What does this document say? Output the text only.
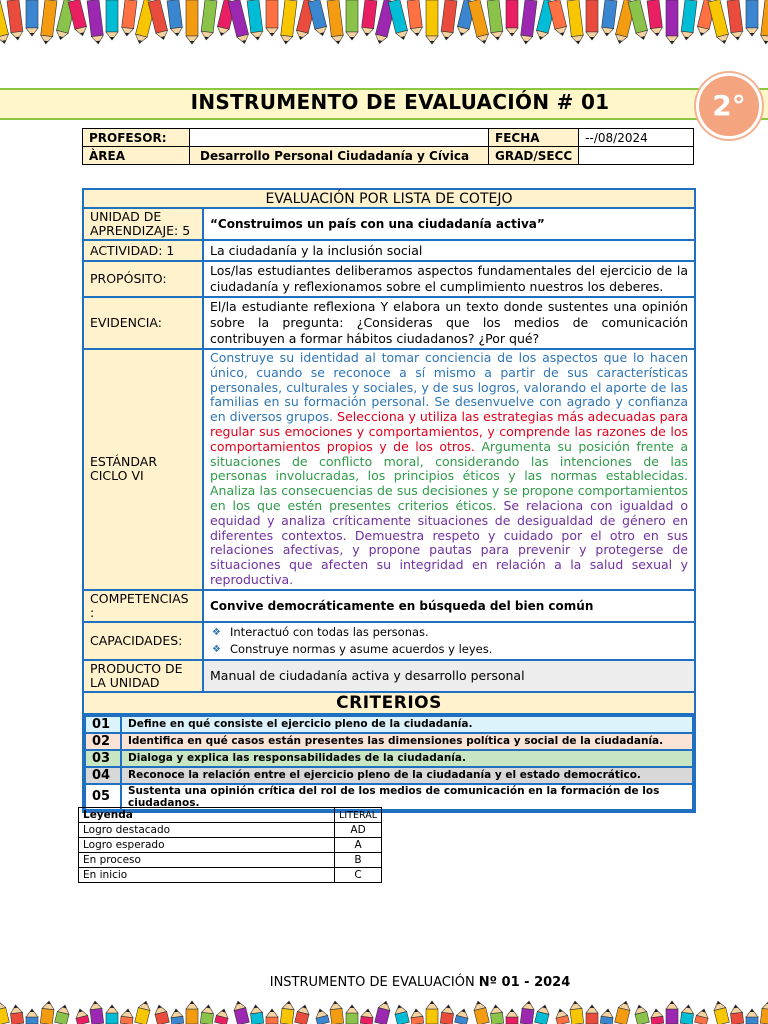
INSTRUMENTO DE EVALUACIÓN # 01	2°
PROFESOR:		FECHA	--/08/2024
ÀREA	Desarrollo Personal Ciudadanía y Cívica	GRAD/SECC	
EVALUACIÓN POR LISTA DE COTEJO
UNIDAD DE APRENDIZAJE: 5	“Construimos un país con una ciudadanía activa”
ACTIVIDAD: 1	La ciudadanía y la inclusión social
PROPÓSITO:	Los/las estudiantes deliberamos aspectos fundamentales del ejercicio de la ciudadanía y reflexionamos sobre el cumplimiento nuestros los deberes.
EVIDENCIA:	El/la estudiante reflexiona Y elabora un texto donde sustentes una opinión sobre la pregunta: ¿Consideras que los medios de comunicación contribuyen a formar hábitos ciudadanos? ¿Por qué?
ESTÁNDAR CICLO VI	Construye su identidad al tomar conciencia de los aspectos que lo hacen único, cuando se reconoce a sí mismo a partir de sus características personales, culturales y sociales, y de sus logros, valorando el aporte de las familias en su formación personal. Se desenvuelve con agrado y confianza en diversos grupos. Selecciona y utiliza las estrategias más adecuadas para regular sus emociones y comportamientos, y comprende las razones de los comportamientos propios y de los otros. Argumenta su posición frente a situaciones de conflicto moral, considerando las intenciones de las personas involucradas, los principios éticos y las normas establecidas. Analiza las consecuencias de sus decisiones y se propone comportamientos en los que estén presentes criterios éticos. Se relaciona con igualdad o equidad y analiza críticamente situaciones de desigualdad de género en diferentes contextos. Demuestra respeto y cuidado por el otro en sus relaciones afectivas, y propone pautas para prevenir y protegerse de situaciones que afecten su integridad en relación a la salud sexual y reproductiva.
COMPETENCIAS :	Convive democráticamente en búsqueda del bien común
CAPACIDADES:	
❖ Interactuó con todas las personas.
❖ Construye normas y asume acuerdos y leyes.

PRODUCTO DE LA UNIDAD	Manual de ciudadanía activa y desarrollo personal
CRITERIOS

01	Define en qué consiste el ejercicio pleno de la ciudadanía.
02	Identifica en qué casos están presentes las dimensiones política y social de la ciudadanía.
03	Dialoga y explica las responsabilidades de la ciudadanía.
04	Reconoce la relación entre el ejercicio pleno de la ciudadanía y el estado democrático.
05	Sustenta una opinión crítica del rol de los medios de comunicación en la formación de los ciudadanos.
Leyenda	LITERAL
Logro destacado	AD
Logro esperado	A
En proceso	B
En inicio	C
INSTRUMENTO DE EVALUACIÓN Nº 01 - 2024
